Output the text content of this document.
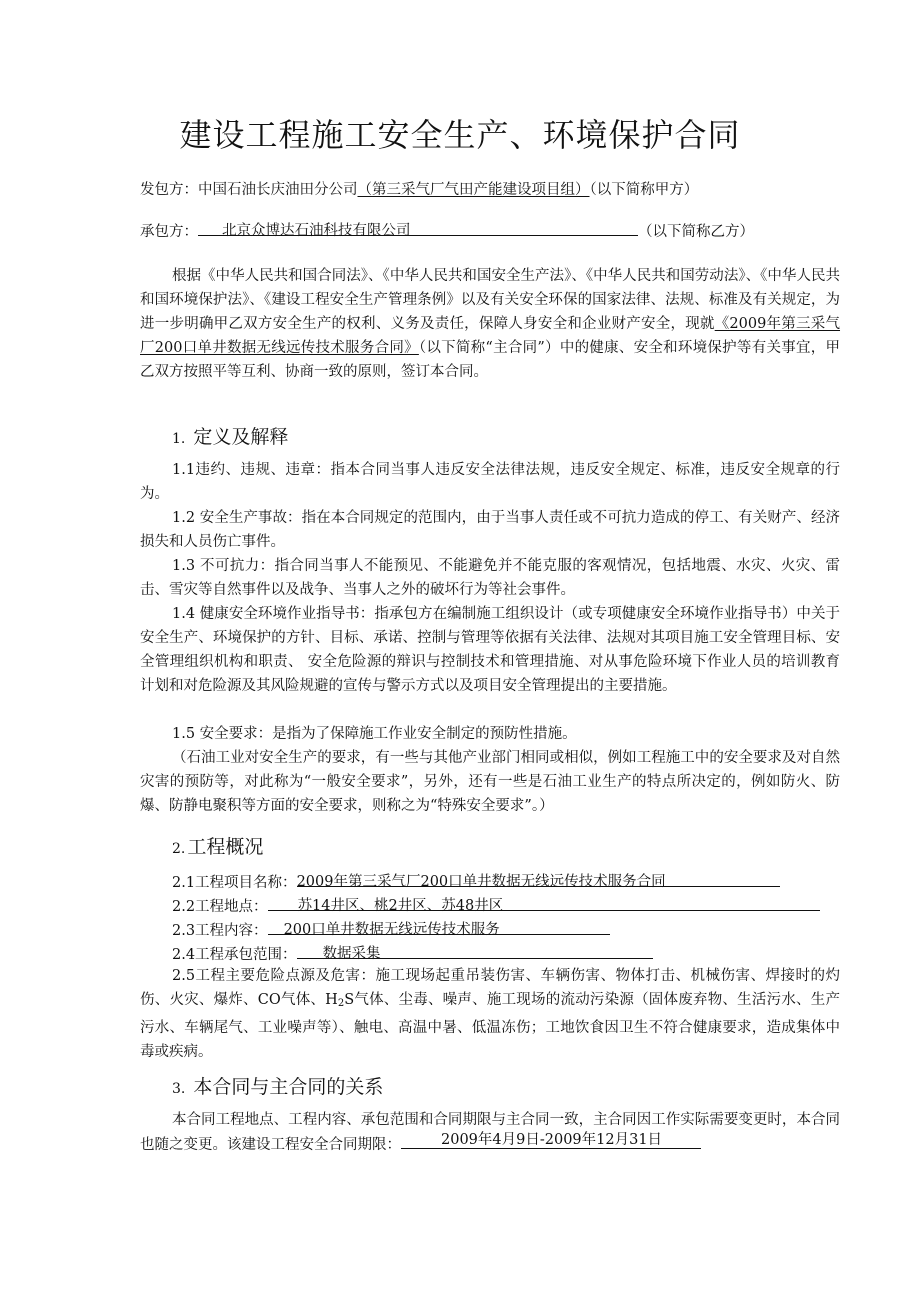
建设工程施工安全生产、环境保护合同
发包方：中国石油长庆油田分公司（第三采气厂气田产能建设项目组）（以下简称甲方）
承包方： 北京众博达石油科技有限公司	（以下简称乙方）

根据《中华人民共和国合同法》、《中华人民共和国安全生产法》、《中华人民共和国劳动法》、《中华人民共和国环境保护法》、《建设工程安全生产管理条例》以及有关安全环保的国家法律、法规、标准及有关规定，为进一步明确甲乙双方安全生产的权利、义务及责任，保障人身安全和企业财产安全，现就《2009年第三采气厂200口单井数据无线远传技术服务合同》（以下简称“主合同”）中的健康、安全和环境保护等有关事宜，甲乙双方按照平等互利、协商一致的原则，签订本合同。

1. 定义及解释

1.1违约、违规、违章：指本合同当事人违反安全法律法规，违反安全规定、标准，违反安全规章的行为。

1.2 安全生产事故：指在本合同规定的范围内，由于当事人责任或不可抗力造成的停工、有关财产、经济损失和人员伤亡事件。

1.3 不可抗力：指合同当事人不能预见、不能避免并不能克服的客观情况，包括地震、水灾、火灾、雷击、雪灾等自然事件以及战争、当事人之外的破坏行为等社会事件。

1.4 健康安全环境作业指导书：指承包方在编制施工组织设计（或专项健康安全环境作业指导书）中关于安全生产、环境保护的方针、目标、承诺、控制与管理等依据有关法律、法规对其项目施工安全管理目标、安全管理组织机构和职责、 安全危险源的辩识与控制技术和管理措施、对从事危险环境下作业人员的培训教育计划和对危险源及其风险规避的宣传与警示方式以及项目安全管理提出的主要措施。

1.5 安全要求：是指为了保障施工作业安全制定的预防性措施。

（石油工业对安全生产的要求，有一些与其他产业部门相同或相似，例如工程施工中的安全要求及对自然灾害的预防等，对此称为“一般安全要求”，另外，还有一些是石油工业生产的特点所决定的，例如防火、防爆、防静电聚积等方面的安全要求，则称之为“特殊安全要求”。）

2. 工程概况
2.1工程项目名称： 2009年第三采气厂200口单井数据无线远传技术服务合同
2.2工程地点： 苏14井区、桃2井区、苏48井区
2.3工程内容： 200口单井数据无线远传技术服务
2.4工程承包范围： 数据采集

2.5工程主要危险点源及危害：施工现场起重吊装伤害、车辆伤害、物体打击、机械伤害、焊接时的灼伤、火灾、爆炸、CO气体、$H_2S$气体、尘毒、噪声、施工现场的流动污染源（固体废弃物、生活污水、生产污水、车辆尾气、工业噪声等）、触电、高温中暑、低温冻伤；工地饮食因卫生不符合健康要求，造成集体中毒或疾病。

3. 本合同与主合同的关系

本合同工程地点、工程内容、承包范围和合同期限与主合同一致，主合同因工作实际需要变更时，本合同也随之变更。该建设工程安全合同期限：	2009年4月9日-2009年12月31日
